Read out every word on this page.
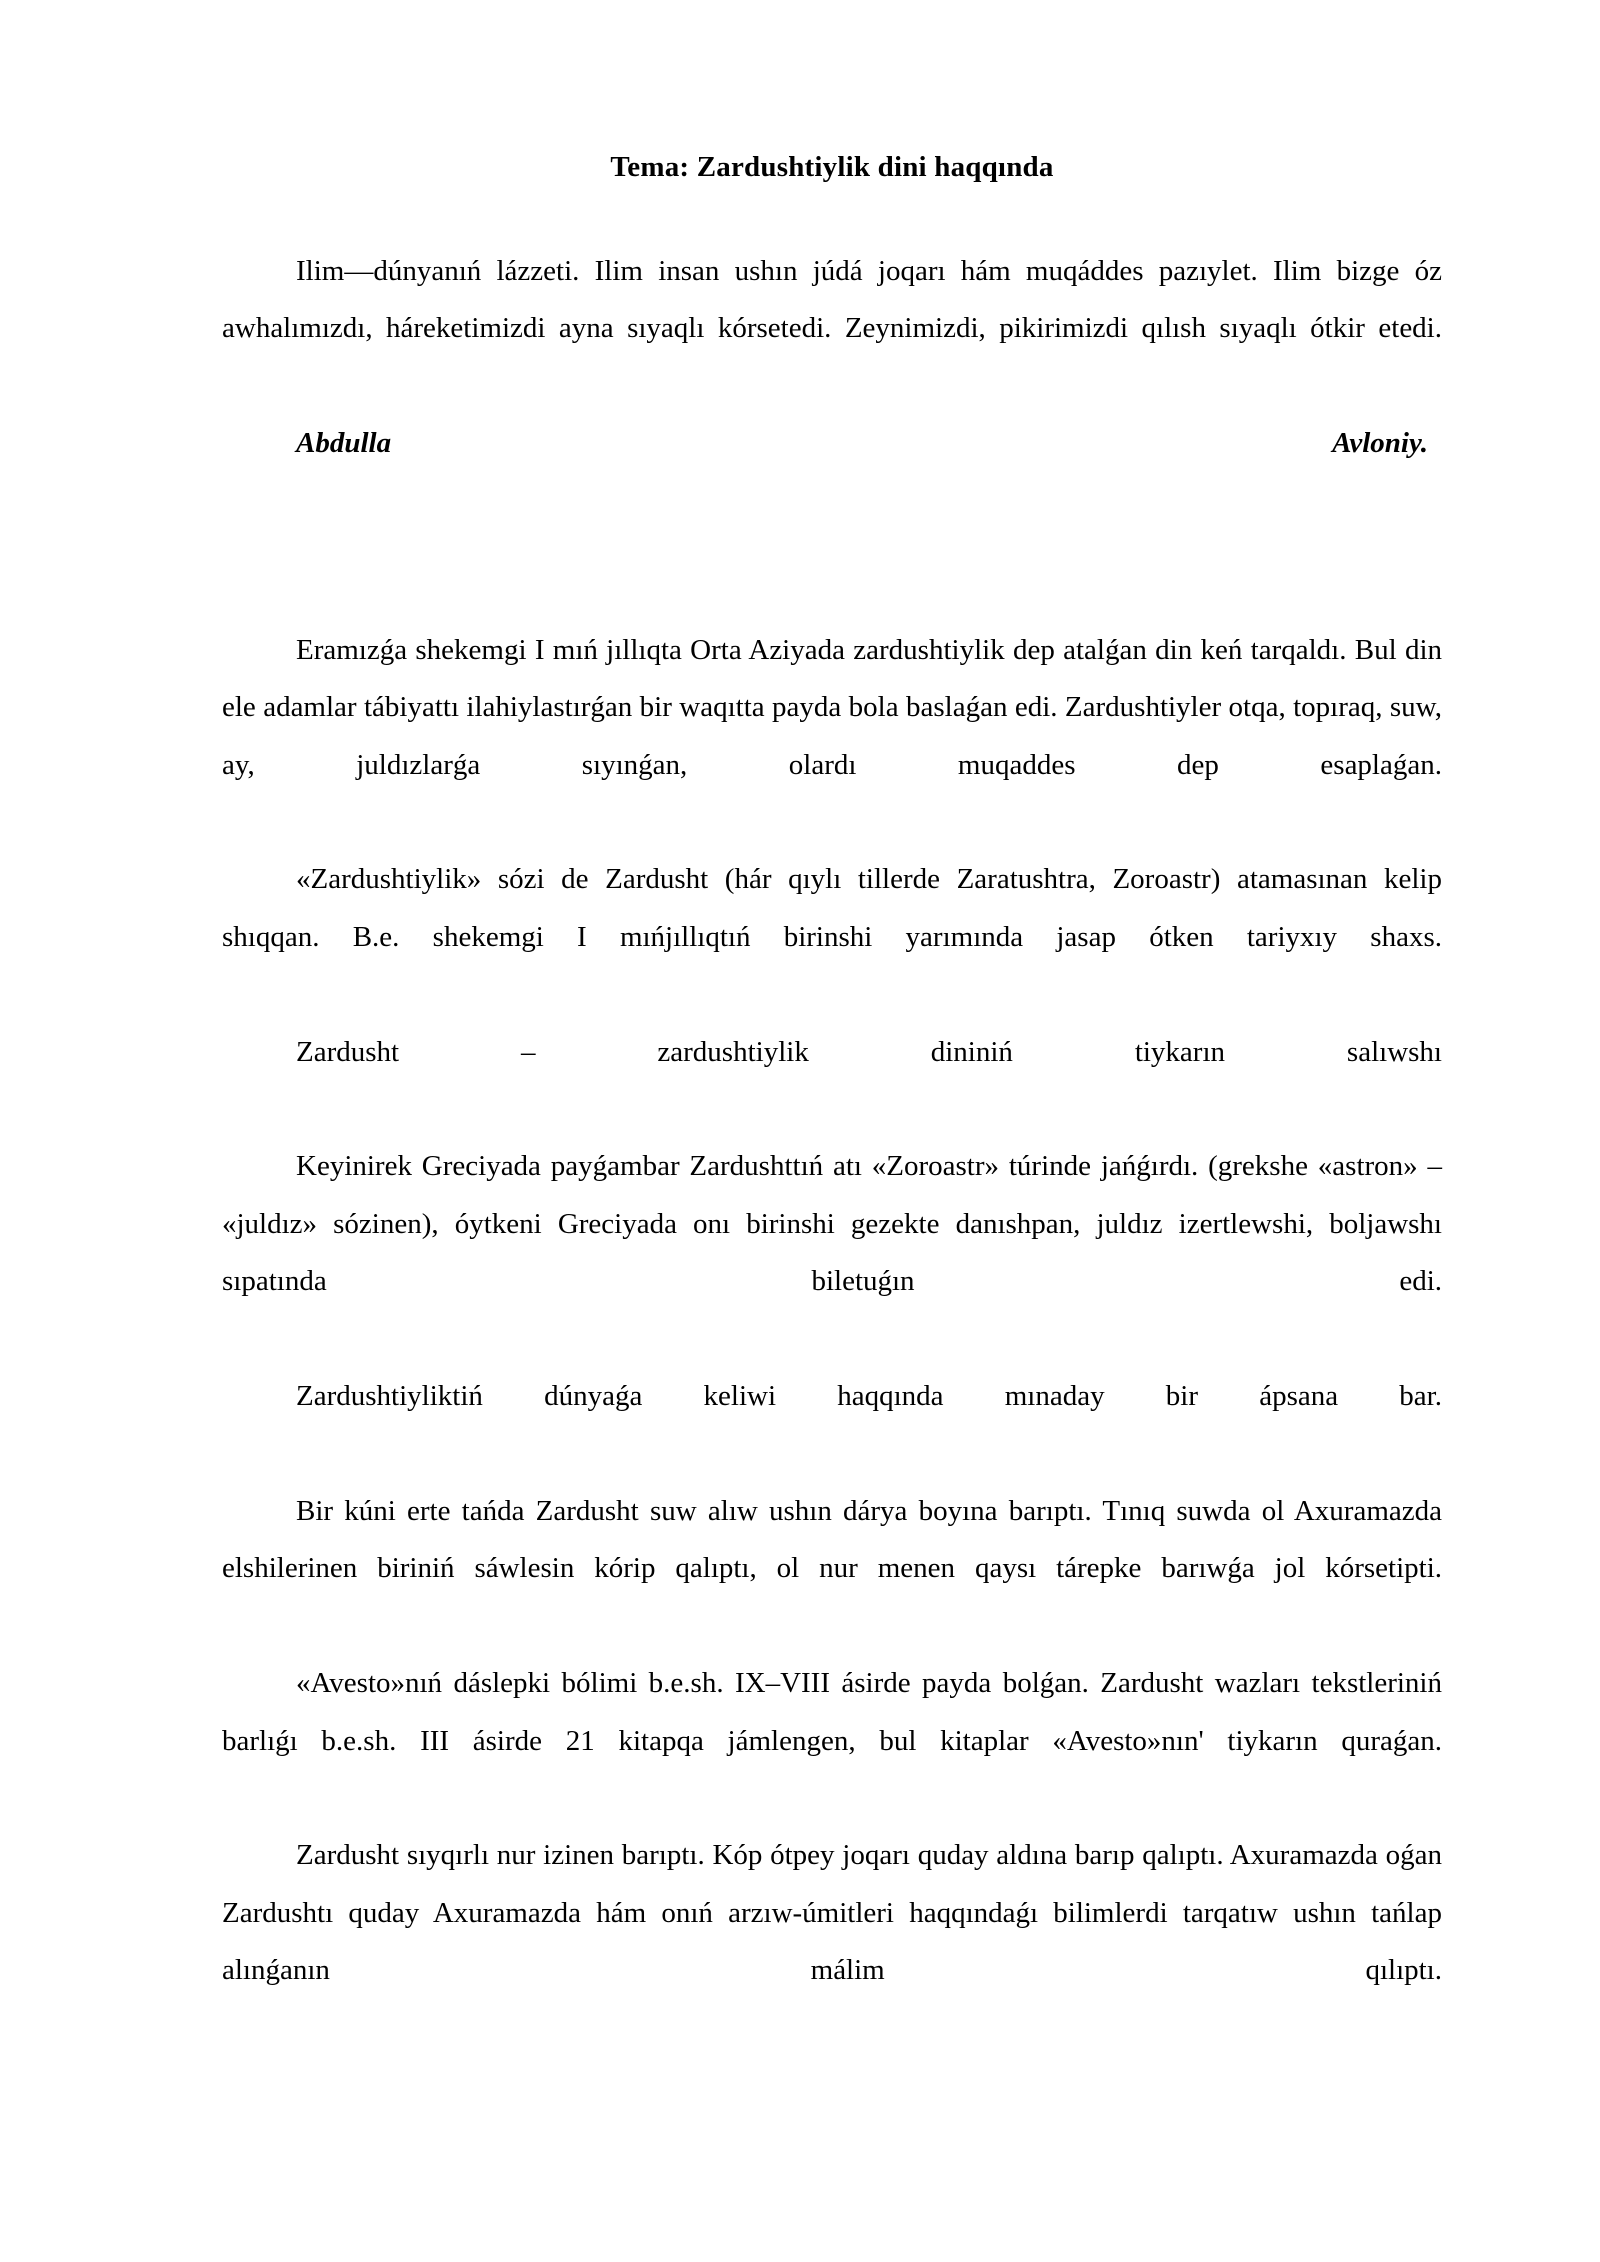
Tema: Zardushtiylik dini haqqında

Ilim—dúnyanıń lázzeti. Ilim insan ushın júdá joqarı hám muqáddes pazıylet. Ilim bizge óz awhalımızdı, háreketimizdi ayna sıyaqlı kórsetedi. Zeynimizdi, pikirimizdi qılısh sıyaqlı ótkir etedi.

Abdulla Avloniy.

Eramızǵa shekemgi I mıń jıllıqta Orta Aziyada zardushtiylik dep atalǵan din keń tarqaldı. Bul din ele adamlar tábiyattı ilahiylastırǵan bir waqıtta payda bola baslaǵan edi. Zardushtiyler otqa, topıraq, suw, ay, juldızlarǵa sıyınǵan, olardı muqaddes dep esaplaǵan.

«Zardushtiylik» sózi de Zardusht (hár qıylı tillerde Zaratushtra, Zoroastr) atamasınan kelip shıqqan. B.e. shekemgi I mıńjıllıqtıń birinshi yarımında jasap ótken tariyxıy shaxs.

Zardusht – zardushtiylik dininiń tiykarın salıwshı

Keyinirek Greciyada payǵambar Zardushttıń atı «Zoroastr» túrinde jańǵırdı. (grekshe «astron» – «juldız» sózinen), óytkeni Greciyada onı birinshi gezekte danıshpan, juldız izertlewshi, boljawshı sıpatında biletuǵın edi.

Zardushtiyliktiń dúnyaǵa keliwi haqqında mınaday bir ápsana bar.

Bir kúni erte tańda Zardusht suw alıw ushın dárya boyına barıptı. Tınıq suwda ol Axuramazda elshilerinen biriniń sáwlesin kórip qalıptı, ol nur menen qaysı tárepke barıwǵa jol kórsetipti.

«Avesto»nıń dáslepki bólimi b.e.sh. IX–VIII ásirde payda bolǵan. Zardusht wazları tekstleriniń barlıǵı b.e.sh. III ásirde 21 kitapqa jámlengen, bul kitaplar «Avesto»nın' tiykarın quraǵan.

Zardusht sıyqırlı nur izinen barıptı. Kóp ótpey joqarı quday aldına barıp qalıptı. Axuramazda oǵan Zardushtı quday Axuramazda hám onıń arzıw-úmitleri haqqındaǵı bilimlerdi tarqatıw ushın tańlap alınǵanın málim qılıptı.
